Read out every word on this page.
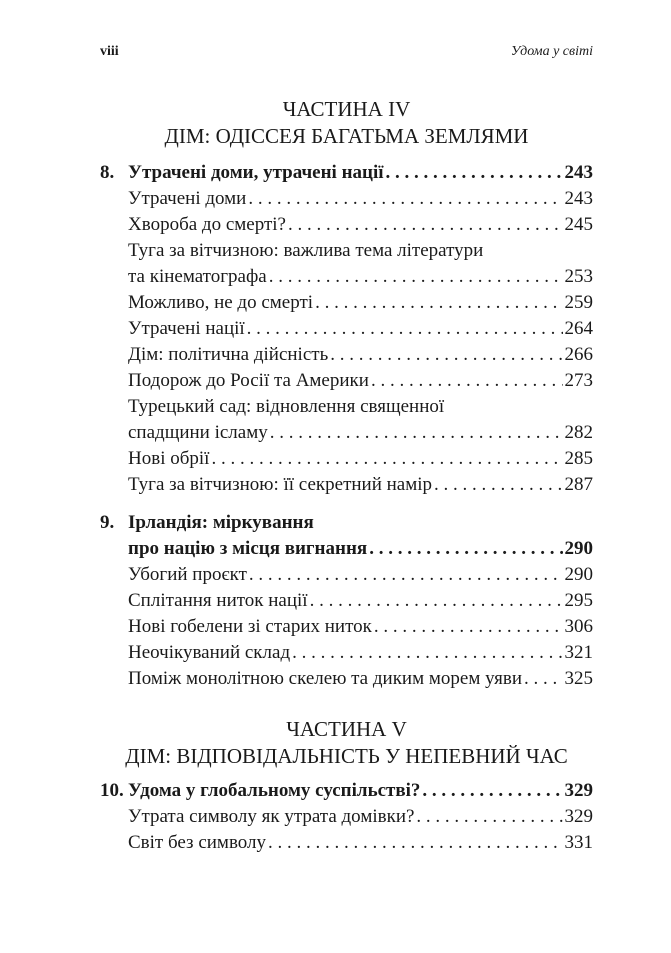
viii	Удома у світі
ЧАСТИНА IV
ДІМ: ОДІССЕЯ БАГАТЬМА ЗЕМЛЯМИ
8. Утрачені доми, утрачені нації . . .	243
Утрачені доми . . .	243
Хвороба до смерті? . . .	245
Туга за вітчизною: важлива тема літератури
та кінематографа . . .	253
Можливо, не до смерті . . .	259
Утрачені нації . . .	264
Дім: політична дійсність . . .	266
Подорож до Росії та Америки . . .	273
Турецький сад: відновлення священної
спадщини ісламу . . .	282
Нові обрії . . .	285
Туга за вітчизною: її секретний намір . . .	287
9. Ірландія: міркування
про націю з місця вигнання . . .	290
Убогий проєкт . . .	290
Сплітання ниток нації . . .	295
Нові гобелени зі старих ниток . . .	306
Неочікуваний склад . . .	321
Поміж монолітною скелею та диким морем уяви . . . 325
ЧАСТИНА V
ДІМ: ВІДПОВІДАЛЬНІСТЬ У НЕПЕВНИЙ ЧАС
10. Удома у глобальному суспільстві? . . .	329
Утрата символу як утрата домівки? . . .	329
Світ без символу . . .	331
